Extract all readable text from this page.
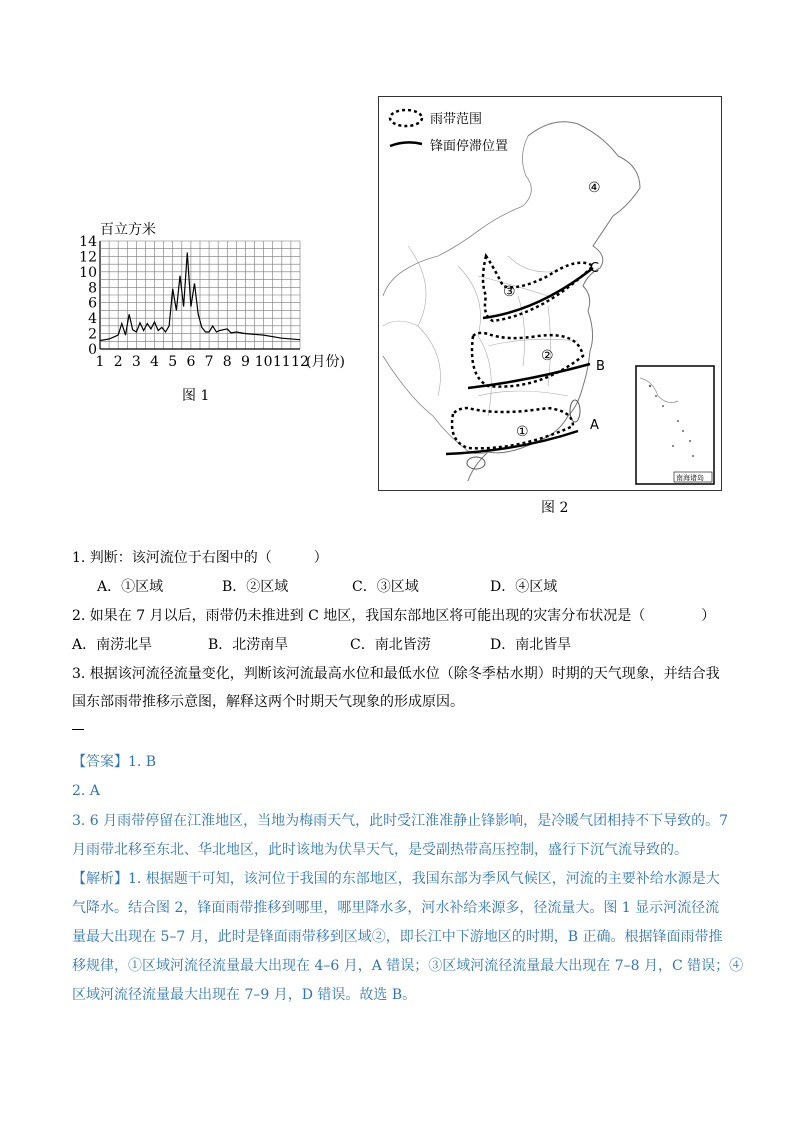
百立方米
14
12
10
8
6
4
2
0
1 2 3 4 5 6 7 8 9 10 11 12
(月份)
图 1
雨带范围
锋面停滞位置
④
③
②
①	A
B
C
南海诸岛
图 2
1. 判断：该河流位于右图中的（　　　）
A．①区域	B．②区域	C．③区域	D．④区域
2. 如果在 7 月以后，雨带仍未推进到 C 地区，我国东部地区将可能出现的灾害分布状况是（　　　　）
A．南涝北旱	B．北涝南旱	C．南北皆涝	D．南北皆旱
3. 根据该河流径流量变化，判断该河流最高水位和最低水位（除冬季枯水期）时期的天气现象，并结合我
国东部雨带推移示意图，解释这两个时期天气现象的形成原因。
【答案】1. B
2. A
3. 6 月雨带停留在江淮地区，当地为梅雨天气，此时受江淮准静止锋影响，是冷暖气团相持不下导致的。7
月雨带北移至东北、华北地区，此时该地为伏旱天气，是受副热带高压控制，盛行下沉气流导致的。
【解析】1. 根据题干可知，该河位于我国的东部地区，我国东部为季风气候区，河流的主要补给水源是大
气降水。结合图 2，锋面雨带推移到哪里，哪里降水多，河水补给来源多，径流量大。图 1 显示河流径流
量最大出现在 5–7 月，此时是锋面雨带移到区域②，即长江中下游地区的时期，B 正确。根据锋面雨带推
移规律，①区域河流径流量最大出现在 4–6 月，A 错误；③区域河流径流量最大出现在 7–8 月，C 错误；④
区域河流径流量最大出现在 7–9 月，D 错误。故选 B。
